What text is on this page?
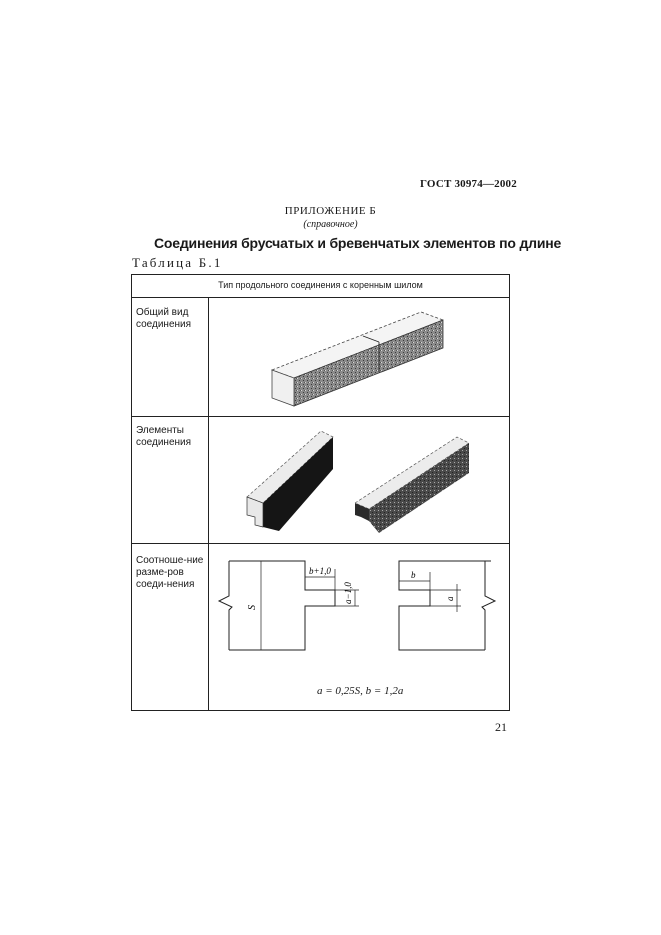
ГОСТ 30974—2002
ПРИЛОЖЕНИЕ Б
(справочное)
Соединения брусчатых и бревенчатых элементов по длине
Таблица Б.1
Тип продольного соединения с коренным шилом
Общий вид соединения
Элементы соединения
Соотноше-ние разме-ров соеди-нения
S
b+1,0
a−1,0
b
a
a = 0,25S, b = 1,2a
21
